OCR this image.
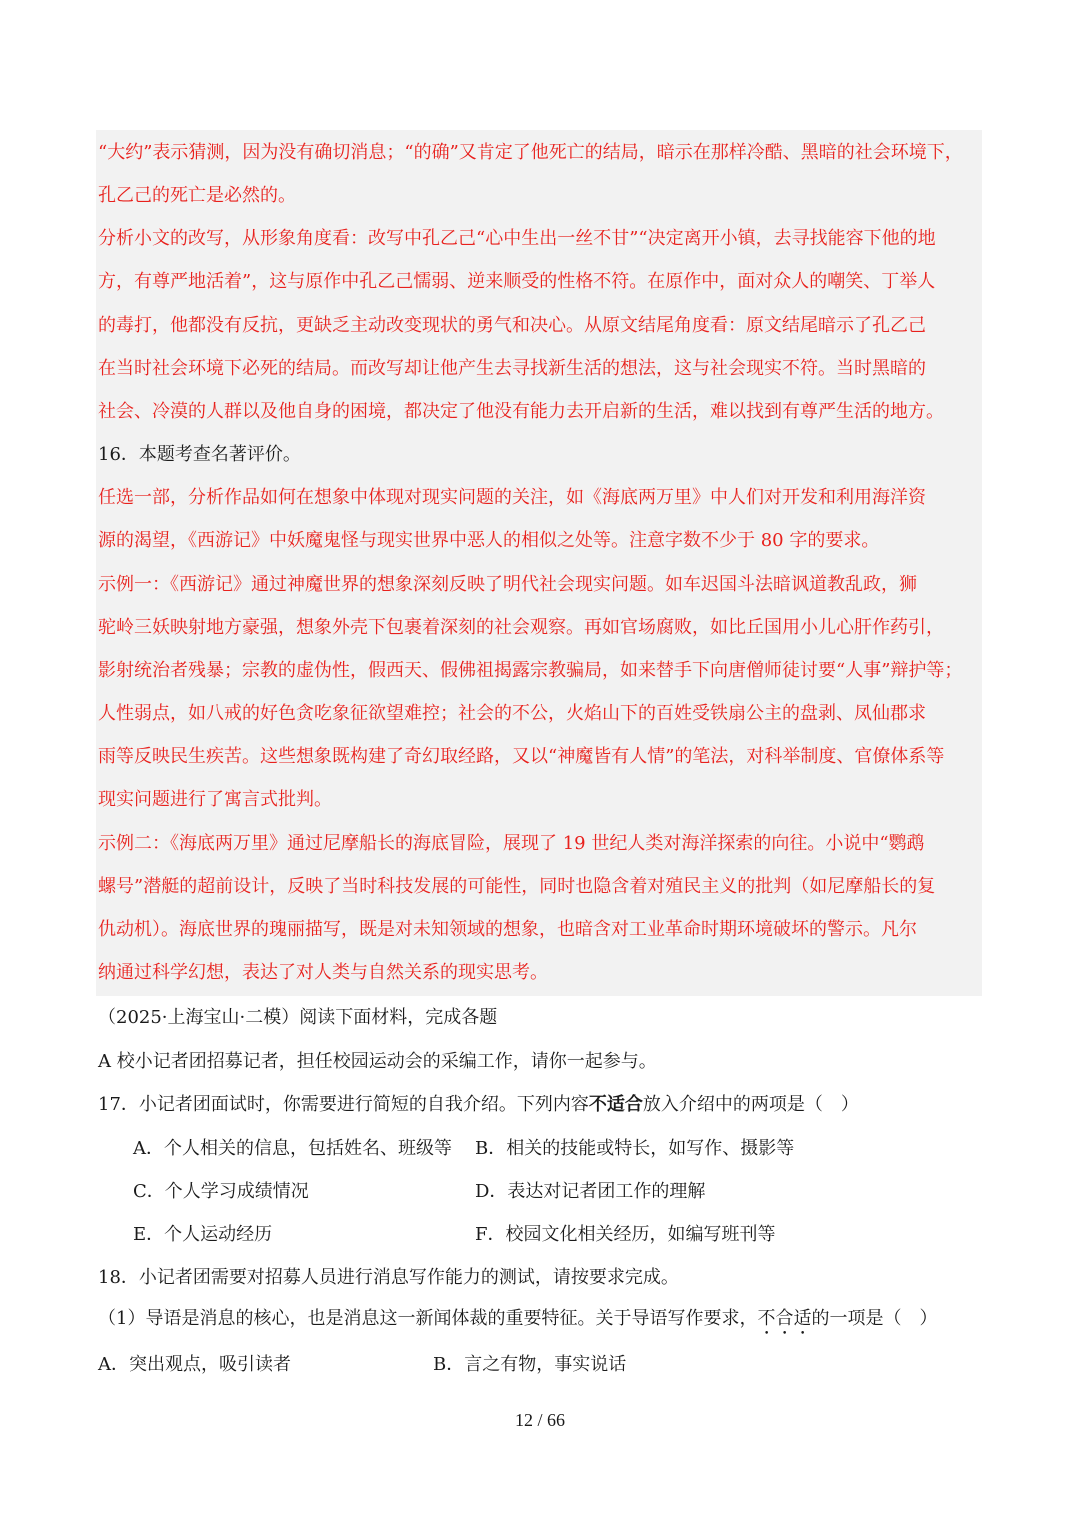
“大约”表示猜测，因为没有确切消息；“的确”又肯定了他死亡的结局，暗示在那样冷酷、黑暗的社会环境下，
孔乙己的死亡是必然的。
分析小文的改写，从形象角度看：改写中孔乙己“心中生出一丝不甘”“决定离开小镇，去寻找能容下他的地
方，有尊严地活着”，这与原作中孔乙己懦弱、逆来顺受的性格不符。在原作中，面对众人的嘲笑、丁举人
的毒打，他都没有反抗，更缺乏主动改变现状的勇气和决心。从原文结尾角度看：原文结尾暗示了孔乙己
在当时社会环境下必死的结局。而改写却让他产生去寻找新生活的想法，这与社会现实不符。当时黑暗的
社会、冷漠的人群以及他自身的困境，都决定了他没有能力去开启新的生活，难以找到有尊严生活的地方。
16．本题考查名著评价。
任选一部，分析作品如何在想象中体现对现实问题的关注，如《海底两万里》中人们对开发和利用海洋资
源的渴望，《西游记》中妖魔鬼怪与现实世界中恶人的相似之处等。注意字数不少于 80 字的要求。
示例一：《西游记》通过神魔世界的想象深刻反映了明代社会现实问题。如车迟国斗法暗讽道教乱政，狮
驼岭三妖映射地方豪强，想象外壳下包裹着深刻的社会观察。再如官场腐败，如比丘国用小儿心肝作药引，
影射统治者残暴；宗教的虚伪性，假西天、假佛祖揭露宗教骗局，如来替手下向唐僧师徒讨要“人事”辩护等；
人性弱点，如八戒的好色贪吃象征欲望难控；社会的不公，火焰山下的百姓受铁扇公主的盘剥、凤仙郡求
雨等反映民生疾苦。这些想象既构建了奇幻取经路，又以“神魔皆有人情”的笔法，对科举制度、官僚体系等
现实问题进行了寓言式批判。
示例二：《海底两万里》通过尼摩船长的海底冒险，展现了 19 世纪人类对海洋探索的向往。小说中“鹦鹉
螺号”潜艇的超前设计，反映了当时科技发展的可能性，同时也隐含着对殖民主义的批判（如尼摩船长的复
仇动机）。海底世界的瑰丽描写，既是对未知领域的想象，也暗含对工业革命时期环境破坏的警示。凡尔
纳通过科学幻想，表达了对人类与自然关系的现实思考。
（2025·上海宝山·二模）阅读下面材料，完成各题
A 校小记者团招募记者，担任校园运动会的采编工作，请你一起参与。
17．小记者团面试时，你需要进行简短的自我介绍。下列内容不适合放入介绍中的两项是（　）
A．个人相关的信息，包括姓名、班级等 B．相关的技能或特长，如写作、摄影等
C．个人学习成绩情况	D．表达对记者团工作的理解
E．个人运动经历	F．校园文化相关经历，如编写班刊等
18．小记者团需要对招募人员进行消息写作能力的测试，请按要求完成。
（1）导语是消息的核心，也是消息这一新闻体裁的重要特征。关于导语写作要求，不合适的一项是（　）
A．突出观点，吸引读者	B．言之有物，事实说话
12 / 66
